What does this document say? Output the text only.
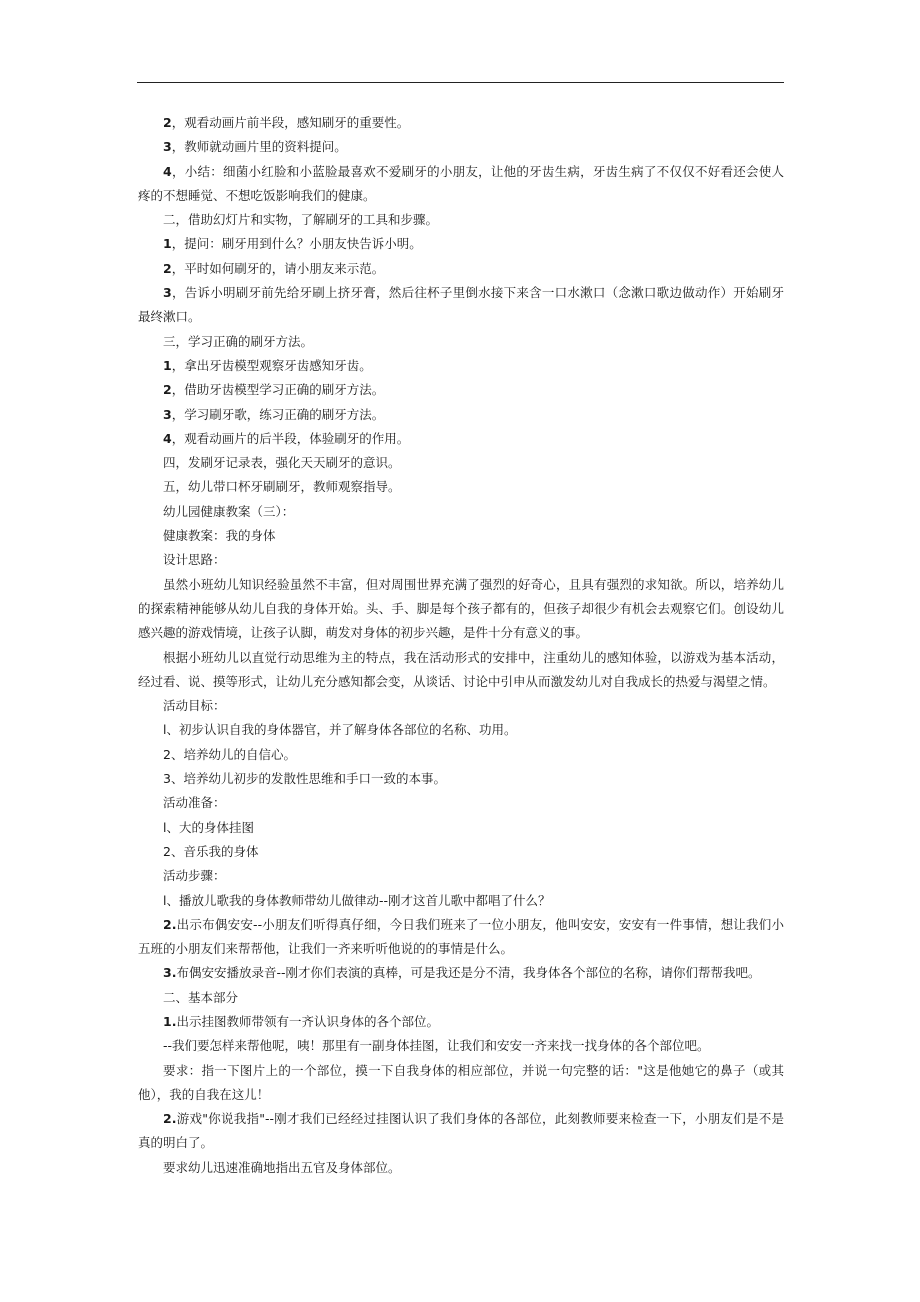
2，观看动画片前半段，感知刷牙的重要性。

3，教师就动画片里的资料提问。

4，小结：细菌小红脸和小蓝脸最喜欢不爱刷牙的小朋友，让他的牙齿生病，牙齿生病了不仅仅不好看还会使人疼的不想睡觉、不想吃饭影响我们的健康。

二，借助幻灯片和实物，了解刷牙的工具和步骤。

1，提问：刷牙用到什么？小朋友快告诉小明。

2，平时如何刷牙的，请小朋友来示范。

3，告诉小明刷牙前先给牙刷上挤牙膏，然后往杯子里倒水接下来含一口水漱口（念漱口歌边做动作）开始刷牙最终漱口。

三，学习正确的刷牙方法。

1，拿出牙齿模型观察牙齿感知牙齿。

2，借助牙齿模型学习正确的刷牙方法。

3，学习刷牙歌，练习正确的刷牙方法。

4，观看动画片的后半段，体验刷牙的作用。

四，发刷牙记录表，强化天天刷牙的意识。

五，幼儿带口杯牙刷刷牙，教师观察指导。

幼儿园健康教案（三）：

健康教案：我的身体

设计思路：

虽然小班幼儿知识经验虽然不丰富，但对周围世界充满了强烈的好奇心，且具有强烈的求知欲。所以，培养幼儿的探索精神能够从幼儿自我的身体开始。头、手、脚是每个孩子都有的，但孩子却很少有机会去观察它们。创设幼儿感兴趣的游戏情境，让孩子认脚，萌发对身体的初步兴趣，是件十分有意义的事。

根据小班幼儿以直觉行动思维为主的特点，我在活动形式的安排中，注重幼儿的感知体验，以游戏为基本活动，经过看、说、摸等形式，让幼儿充分感知都会变，从谈话、讨论中引申从而激发幼儿对自我成长的热爱与渴望之情。

活动目标：

l、初步认识自我的身体器官，并了解身体各部位的名称、功用。

2、培养幼儿的自信心。

3、培养幼儿初步的发散性思维和手口一致的本事。

活动准备：

l、大的身体挂图

2、音乐我的身体

活动步骤：

l、播放儿歌我的身体教师带幼儿做律动--刚才这首儿歌中都唱了什么？

2.出示布偶安安--小朋友们听得真仔细，今日我们班来了一位小朋友，他叫安安，安安有一件事情，想让我们小五班的小朋友们来帮帮他，让我们一齐来听听他说的的事情是什么。

3.布偶安安播放录音--刚才你们表演的真棒，可是我还是分不清，我身体各个部位的名称，请你们帮帮我吧。

二、基本部分

1.出示挂图教师带领有一齐认识身体的各个部位。

--我们要怎样来帮他呢，咦！那里有一副身体挂图，让我们和安安一齐来找一找身体的各个部位吧。

要求：指一下图片上的一个部位，摸一下自我身体的相应部位，并说一句完整的话："这是他她它的鼻子（或其他），我的自我在这儿！

2.游戏"你说我指"--刚才我们已经经过挂图认识了我们身体的各部位，此刻教师要来检查一下，小朋友们是不是真的明白了。

要求幼儿迅速准确地指出五官及身体部位。
